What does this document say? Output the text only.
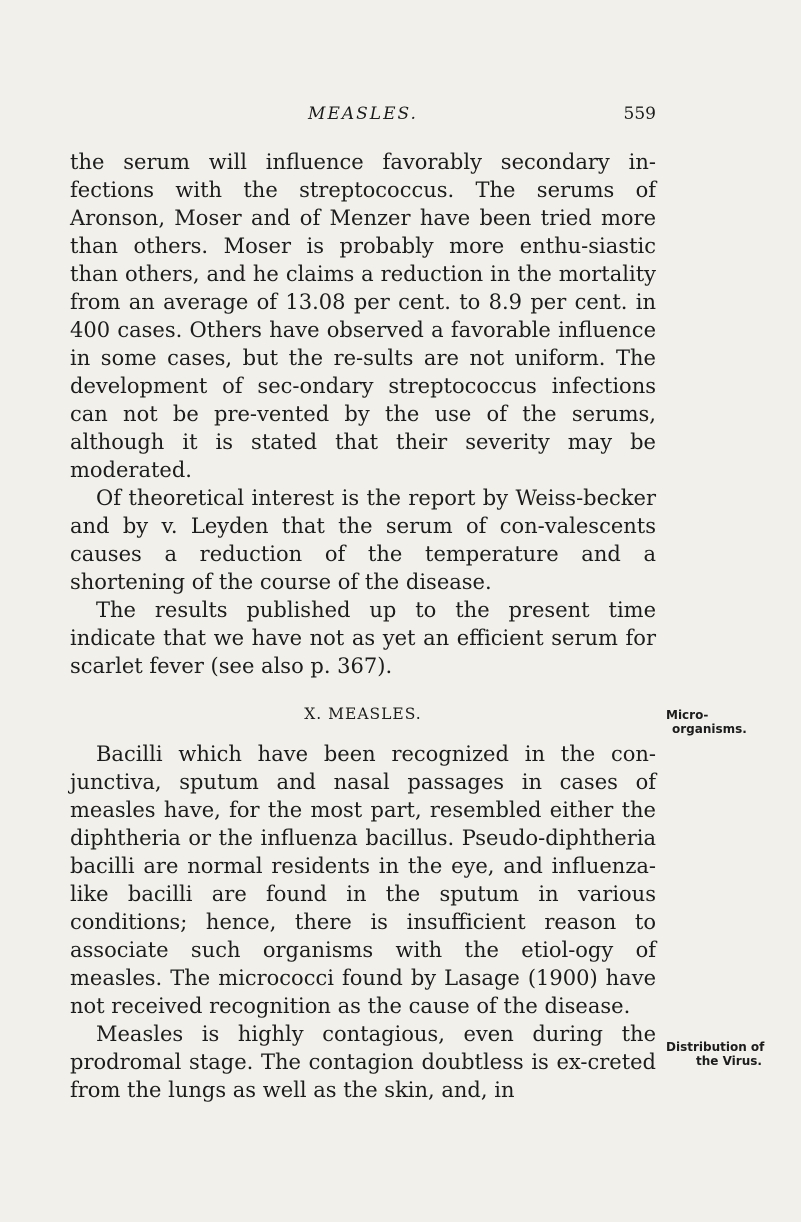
MEASLES.	559

the serum will influence favorably secondary in-fections with the streptococcus. The serums of Aronson, Moser and of Menzer have been tried more than others. Moser is probably more enthu-siastic than others, and he claims a reduction in the mortality from an average of 13.08 per cent. to 8.9 per cent. in 400 cases. Others have observed a favorable influence in some cases, but the re-sults are not uniform. The development of sec-ondary streptococcus infections can not be pre-vented by the use of the serums, although it is stated that their severity may be moderated.

Of theoretical interest is the report by Weiss-becker and by v. Leyden that the serum of con-valescents causes a reduction of the temperature and a shortening of the course of the disease.

The results published up to the present time indicate that we have not as yet an efficient serum for scarlet fever (see also p. 367).

X. MEASLES.

Bacilli which have been recognized in the con-junctiva, sputum and nasal passages in cases of measles have, for the most part, resembled either the diphtheria or the influenza bacillus. Pseudo-diphtheria bacilli are normal residents in the eye, and influenza-like bacilli are found in the sputum in various conditions; hence, there is insufficient reason to associate such organisms with the etiol-ogy of measles. The micrococci found by Lasage (1900) have not received recognition as the cause of the disease.

Measles is highly contagious, even during the prodromal stage. The contagion doubtless is ex-creted from the lungs as well as the skin, and, in

Micro-
organisms.
Distribution of
the Virus.
